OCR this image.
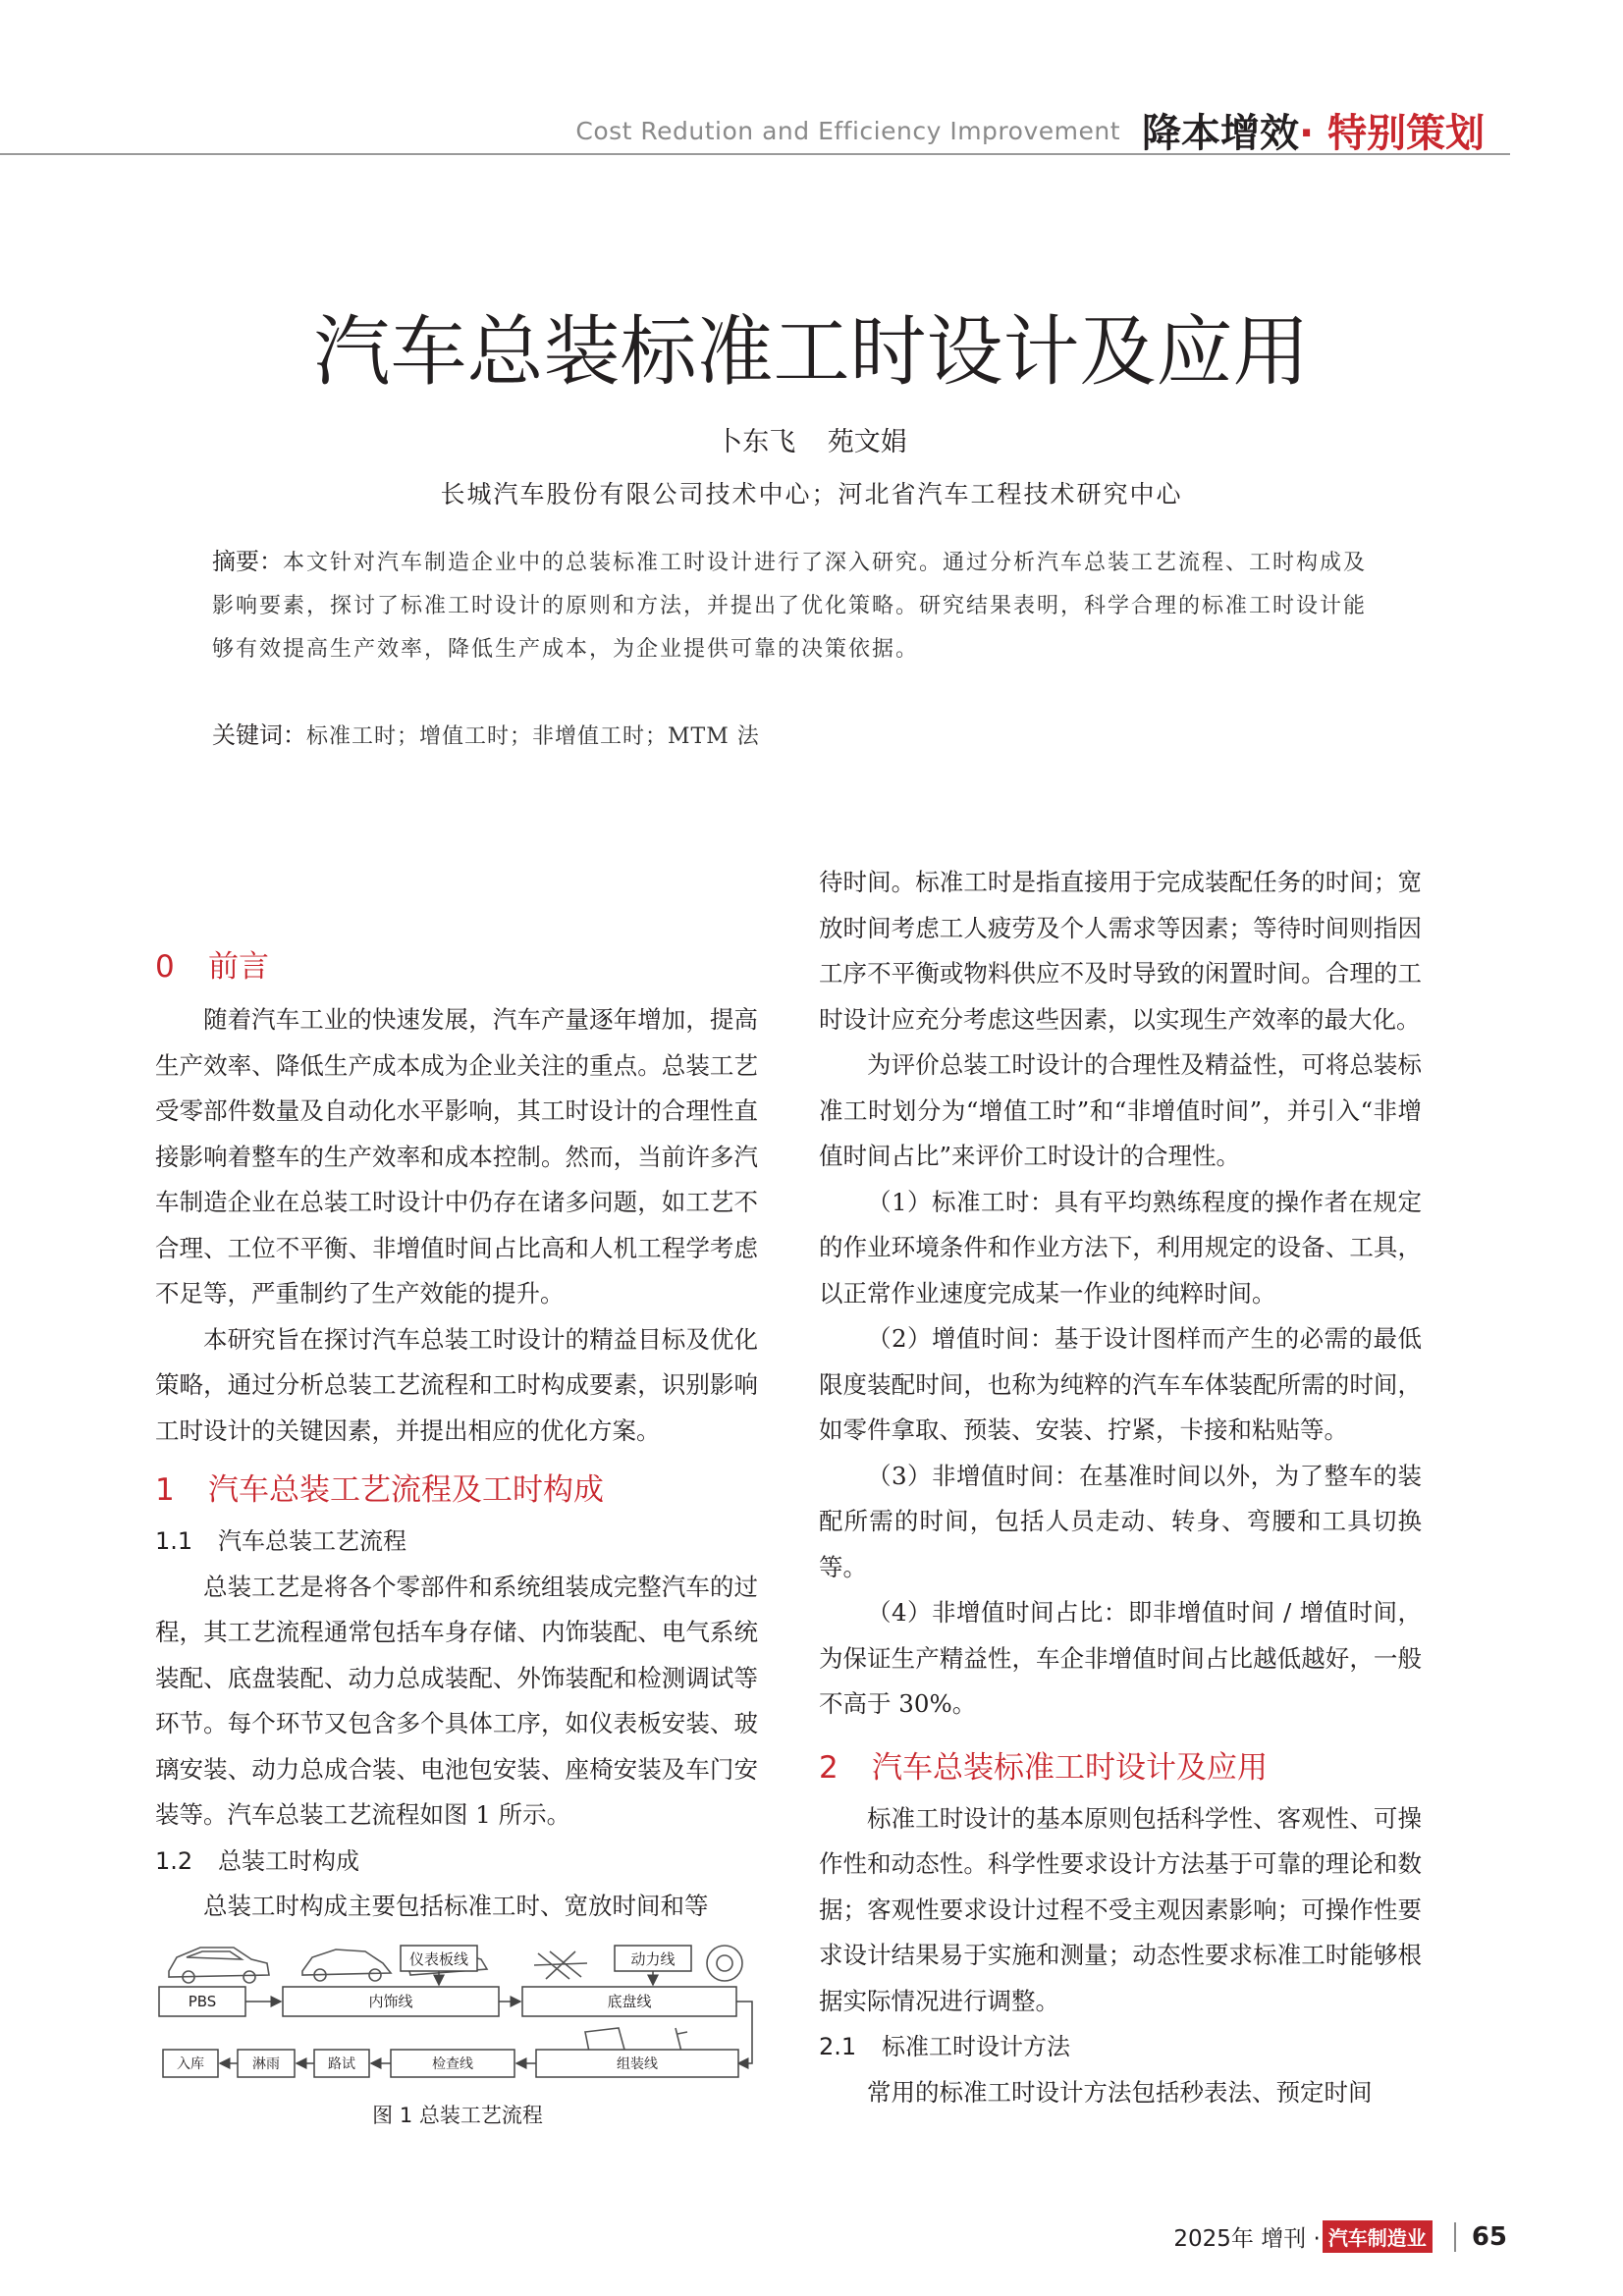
Cost Redution and Efficiency Improvement 降本增效· 特别策划
汽车总装标准工时设计及应用
卜东飞 苑文娟
长城汽车股份有限公司技术中心；河北省汽车工程技术研究中心
摘要：本文针对汽车制造企业中的总装标准工时设计进行了深入研究。通过分析汽车总装工艺流程、工时构成及影响要素，探讨了标准工时设计的原则和方法，并提出了优化策略。研究结果表明，科学合理的标准工时设计能够有效提高生产效率，降低生产成本，为企业提供可靠的决策依据。
关键词：标准工时；增值工时；非增值工时；MTM 法
0 前言

随着汽车工业的快速发展，汽车产量逐年增加，提高生产效率、降低生产成本成为企业关注的重点。总装工艺受零部件数量及自动化水平影响，其工时设计的合理性直接影响着整车的生产效率和成本控制。然而，当前许多汽车制造企业在总装工时设计中仍存在诸多问题，如工艺不合理、工位不平衡、非增值时间占比高和人机工程学考虑不足等，严重制约了生产效能的提升。

本研究旨在探讨汽车总装工时设计的精益目标及优化策略，通过分析总装工艺流程和工时构成要素，识别影响工时设计的关键因素，并提出相应的优化方案。

1 汽车总装工艺流程及工时构成
1.1 汽车总装工艺流程

总装工艺是将各个零部件和系统组装成完整汽车的过程，其工艺流程通常包括车身存储、内饰装配、电气系统装配、底盘装配、动力总成装配、外饰装配和检测调试等环节。每个环节又包含多个具体工序，如仪表板安装、玻璃安装、动力总成合装、电池包安装、座椅安装及车门安装等。汽车总装工艺流程如图 1 所示。

1.2 总装工时构成

总装工时构成主要包括标准工时、宽放时间和等

仪表板线	动力线
PBS	内饰线	底盘线
入库	淋雨	路试	检查线	组装线
图 1 总装工艺流程

待时间。标准工时是指直接用于完成装配任务的时间；宽放时间考虑工人疲劳及个人需求等因素；等待时间则指因工序不平衡或物料供应不及时导致的闲置时间。合理的工时设计应充分考虑这些因素，以实现生产效率的最大化。

为评价总装工时设计的合理性及精益性，可将总装标准工时划分为“增值工时”和“非增值时间”，并引入“非增值时间占比”来评价工时设计的合理性。

（1）标准工时：具有平均熟练程度的操作者在规定的作业环境条件和作业方法下，利用规定的设备、工具，以正常作业速度完成某一作业的纯粹时间。

（2）增值时间：基于设计图样而产生的必需的最低限度装配时间，也称为纯粹的汽车车体装配所需的时间，如零件拿取、预装、安装、拧紧，卡接和粘贴等。

（3）非增值时间：在基准时间以外，为了整车的装配所需的时间，包括人员走动、转身、弯腰和工具切换等。

（4）非增值时间占比：即非增值时间 / 增值时间，为保证生产精益性，车企非增值时间占比越低越好，一般不高于 30%。

2 汽车总装标准工时设计及应用

标准工时设计的基本原则包括科学性、客观性、可操作性和动态性。科学性要求设计方法基于可靠的理论和数据；客观性要求设计过程不受主观因素影响；可操作性要求设计结果易于实施和测量；动态性要求标准工时能够根据实际情况进行调整。

2.1 标准工时设计方法

常用的标准工时设计方法包括秒表法、预定时间

2025年 增刊 · 汽车制造业 65
